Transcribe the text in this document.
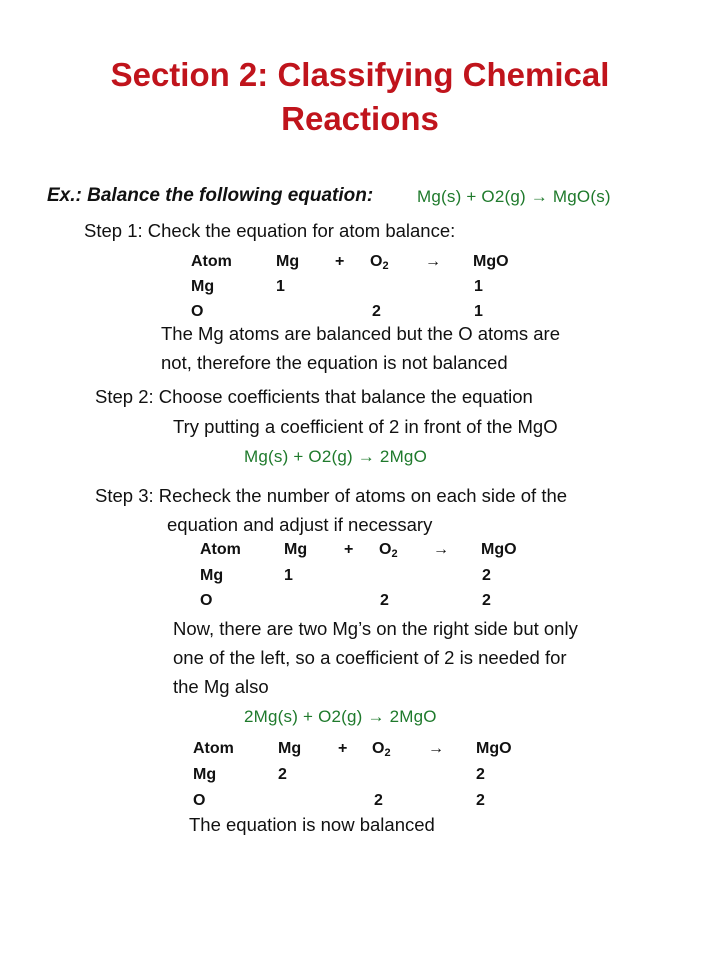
Section 2: Classifying Chemical
Reactions
Ex.: Balance the following equation:	Mg(s) + O2(g) → MgO(s)
Step 1: Check the equation for atom balance:
Atom	$Mg + O_2$ → MgO
Mg	1	1
O	2	1
The Mg atoms are balanced but the O atoms are
not, therefore the equation is not balanced
Step 2: Choose coefficients that balance the equation
Try putting a coefficient of 2 in front of the MgO
Mg(s) + O2(g) → 2MgO
Step 3: Recheck the number of atoms on each side of the
equation and adjust if necessary
Atom	$Mg + O_2$ → MgO
Mg	1	2
O	2	2
Now, there are two Mg’s on the right side but only
one of the left, so a coefficient of 2 is needed for
the Mg also
2Mg(s) + O2(g) → 2MgO
Atom	$Mg + O_2$ → MgO
Mg	2	2
O	2	2
The equation is now balanced
